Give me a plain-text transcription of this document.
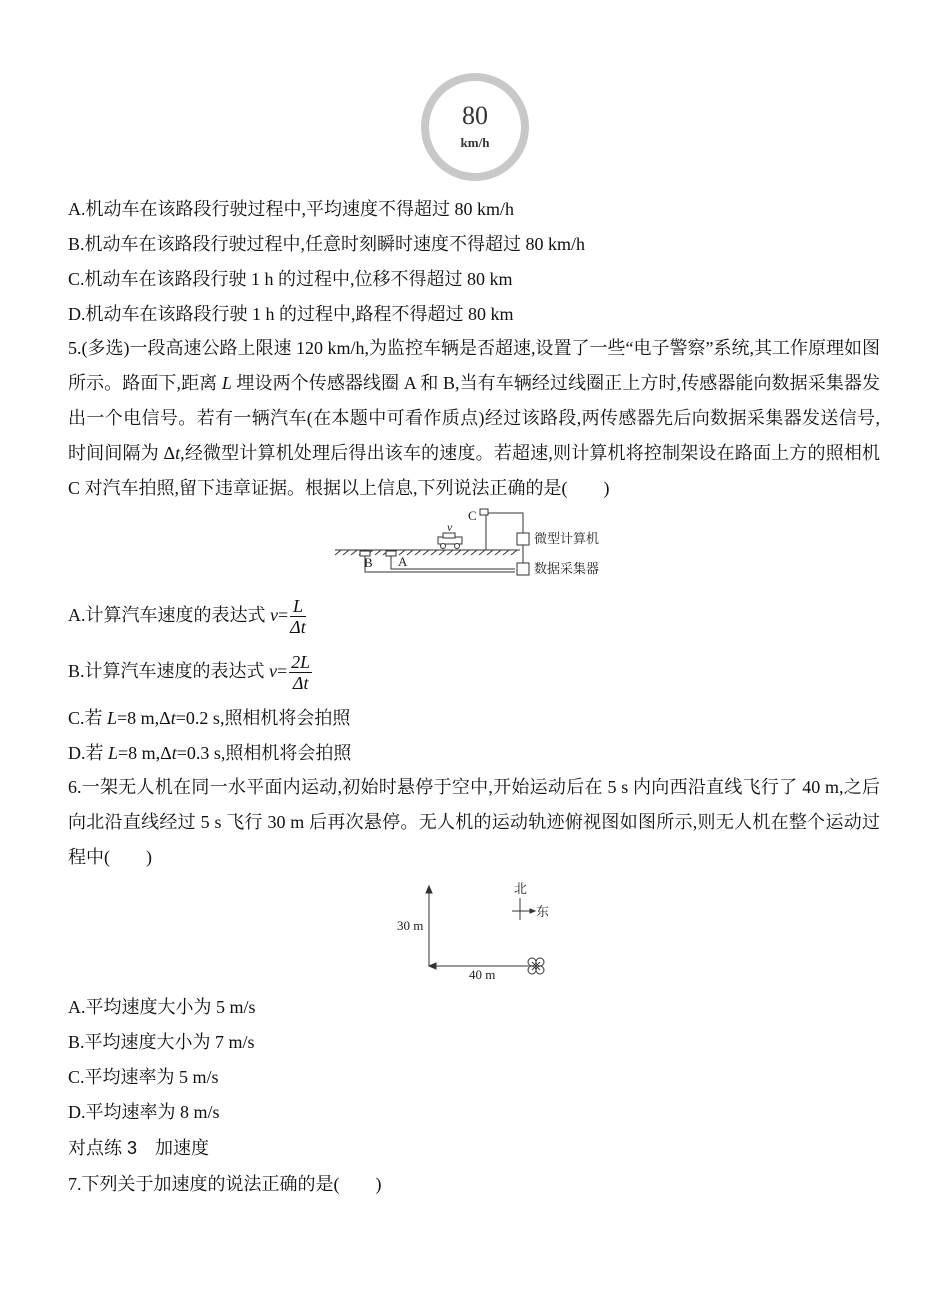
80
km/h
A.机动车在该路段行驶过程中,平均速度不得超过 80 km/h
B.机动车在该路段行驶过程中,任意时刻瞬时速度不得超过 80 km/h
C.机动车在该路段行驶 1 h 的过程中,位移不得超过 80 km
D.机动车在该路段行驶 1 h 的过程中,路程不得超过 80 km
5.(多选)一段高速公路上限速 120 km/h,为监控车辆是否超速,设置了一些“电子警察”系统,其工作原理如图所示。路面下,距离 L 埋设两个传感器线圈 A 和 B,当有车辆经过线圈正上方时,传感器能向数据采集器发出一个电信号。若有一辆汽车(在本题中可看作质点)经过该路段,两传感器先后向数据采集器发送信号,时间间隔为 Δt,经微型计算机处理后得出该车的速度。若超速,则计算机将控制架设在路面上方的照相机 C 对汽车拍照,留下违章证据。根据以上信息,下列说法正确的是(　　)
B A
v
C
微型计算机
数据采集器
A.计算汽车速度的表达式 $v= \frac{L}{\Delta t}$
B.计算汽车速度的表达式 $v= \frac{2L}{\Delta t}$
C.若 L=8 m,Δt=0.2 s,照相机将会拍照
D.若 L=8 m,Δt=0.3 s,照相机将会拍照
6.一架无人机在同一水平面内运动,初始时悬停于空中,开始运动后在 5 s 内向西沿直线飞行了 40 m,之后向北沿直线经过 5 s 飞行 30 m 后再次悬停。无人机的运动轨迹俯视图如图所示,则无人机在整个运动过程中(　　)
30 m
40 m
北
东
A.平均速度大小为 5 m/s
B.平均速度大小为 7 m/s
C.平均速率为 5 m/s
D.平均速率为 8 m/s
对点练 3　加速度
7.下列关于加速度的说法正确的是(　　)
